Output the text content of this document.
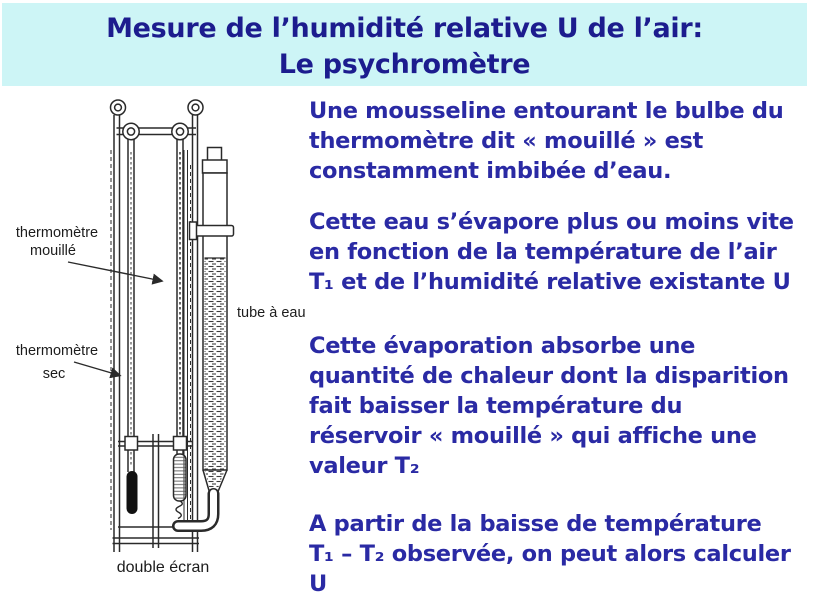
Mesure de l’humidité relative U de l’air:
Le psychromètre
thermomètre
mouillé
thermomètre
sec
tube à eau
double écran
Une mousseline entourant le bulbe du
thermomètre dit « mouillé » est
constamment imbibée d’eau.
Cette eau s’évapore plus ou moins vite
en fonction de la température de l’air
T₁ et de l’humidité relative existante U
Cette évaporation absorbe une
quantité de chaleur dont la disparition
fait baisser la température du
réservoir « mouillé » qui affiche une
valeur T₂
A partir de la baisse de température
T₁ – T₂ observée, on peut alors calculer
U
